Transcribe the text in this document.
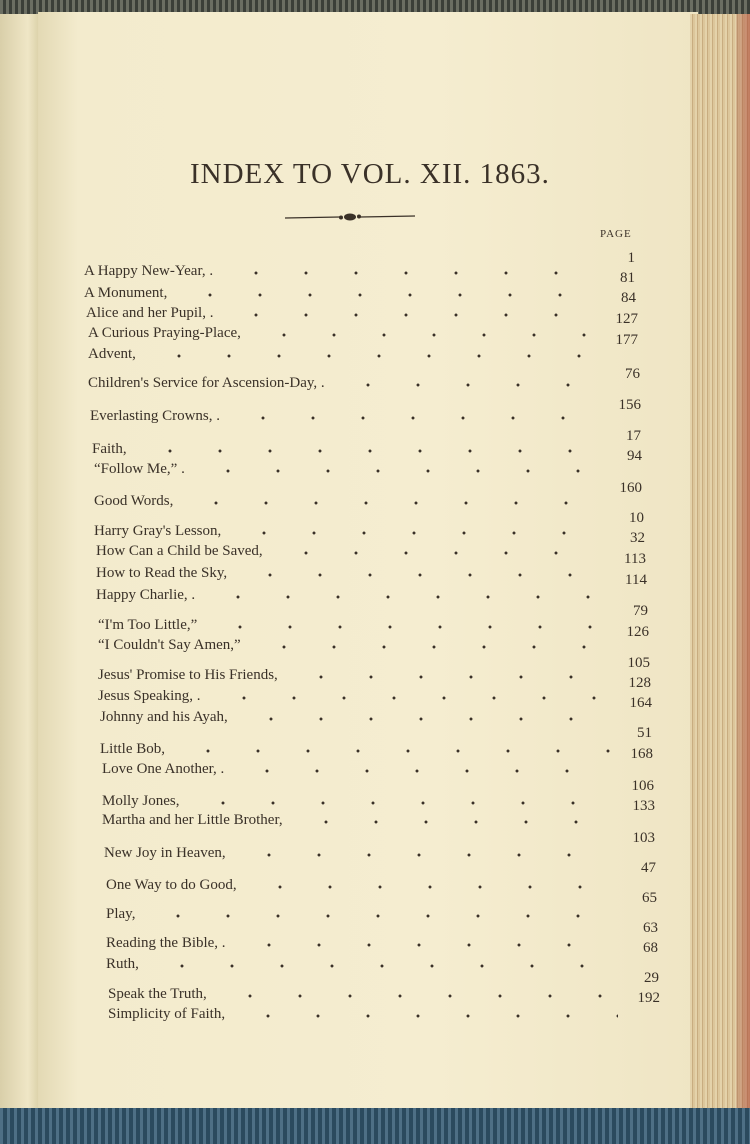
INDEX TO VOL. XII. 1863.
PAGE
A Happy New-Year, .
1
A Monument,
81
Alice and her Pupil, .
84
A Curious Praying-Place,
127
Advent,
177
Children's Service for Ascension-Day, .
76
Everlasting Crowns, .
156
Faith,
17
“Follow Me,” .
94
Good Words,
160
Harry Gray's Lesson,
10
How Can a Child be Saved,
32
How to Read the Sky,
113
Happy Charlie, .
114
“I'm Too Little,”
79
“I Couldn't Say Amen,”
126
Jesus' Promise to His Friends,
105
Jesus Speaking, .
128
Johnny and his Ayah,
164
Little Bob,
51
Love One Another, .
168
Molly Jones,
106
Martha and her Little Brother,
133
New Joy in Heaven,
103
One Way to do Good,
47
Play,
65
Reading the Bible, .
63
Ruth,
68
Speak the Truth,
29
Simplicity of Faith,
192
